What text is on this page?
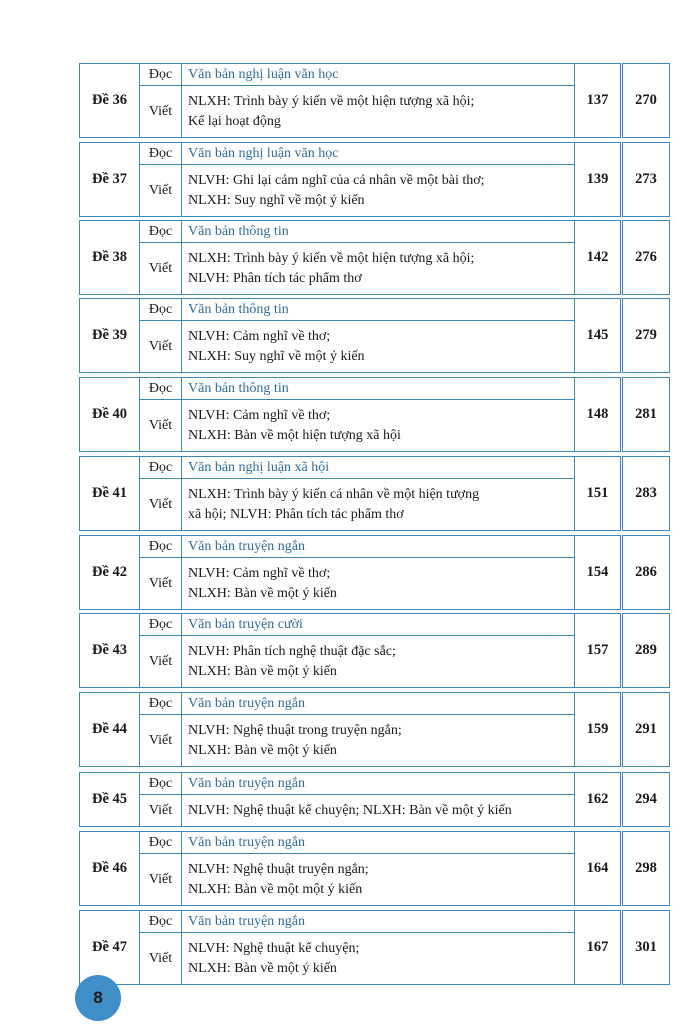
Đề 36	Đọc	Văn bản nghị luận văn học	137	270
	Viết	NLXH: Trình bày ý kiến về một hiện tượng xã hội;
Kể lại hoạt động		

Đề 37	Đọc	Văn bản nghị luận văn học	139	273
	Viết	NLVH: Ghi lại cảm nghĩ của cá nhân về một bài thơ;
NLXH: Suy nghĩ về một ý kiến		

Đề 38	Đọc	Văn bản thông tin	142	276
	Viết	NLXH: Trình bày ý kiến về một hiện tượng xã hội;
NLVH: Phân tích tác phẩm thơ		

Đề 39	Đọc	Văn bản thông tin	145	279
	Viết	NLVH: Cảm nghĩ về thơ;
NLXH: Suy nghĩ về một ý kiến		

Đề 40	Đọc	Văn bản thông tin	148	281
	Viết	NLVH: Cảm nghĩ về thơ;
NLXH: Bàn về một hiện tượng xã hội		

Đề 41	Đọc	Văn bản nghị luận xã hội	151	283
	Viết	NLXH: Trình bày ý kiến cá nhân về một hiện tượng
xã hội; NLVH: Phân tích tác phẩm thơ		

Đề 42	Đọc	Văn bản truyện ngắn	154	286
	Viết	NLVH: Cảm nghĩ về thơ;
NLXH: Bàn về một ý kiến		

Đề 43	Đọc	Văn bản truyện cười	157	289
	Viết	NLVH: Phân tích nghệ thuật đặc sắc;
NLXH: Bàn về một ý kiến		

Đề 44	Đọc	Văn bản truyện ngắn	159	291
	Viết	NLVH: Nghệ thuật trong truyện ngắn;
NLXH: Bàn về một ý kiến		

Đề 45	Đọc	Văn bản truyện ngắn	162	294
	Viết	NLVH: Nghệ thuật kể chuyện; NLXH: Bàn về một ý kiến		

Đề 46	Đọc	Văn bản truyện ngắn	164	298
	Viết	NLVH: Nghệ thuật truyện ngắn;
NLXH: Bàn về một một ý kiến		

Đề 47	Đọc	Văn bản truyện ngắn	167	301
	Viết	NLVH: Nghệ thuật kể chuyện;
NLXH: Bàn về một ý kiến		
8
